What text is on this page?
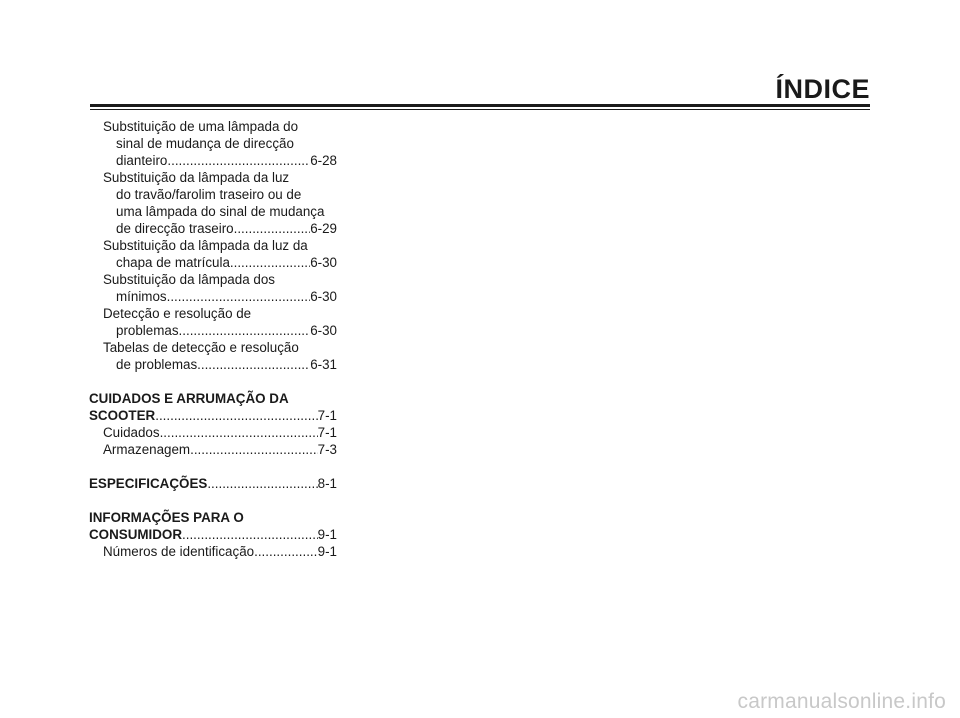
ÍNDICE
Substituição de uma lâmpada do
sinal de mudança de direcção
dianteiro .....	6-28
Substituição da lâmpada da luz
do travão/farolim traseiro ou de
uma lâmpada do sinal de mudança
de direcção traseiro .....	6-29
Substituição da lâmpada da luz da
chapa de matrícula .....	6-30
Substituição da lâmpada dos
mínimos .....	6-30
Detecção e resolução de
problemas .....	6-30
Tabelas de detecção e resolução
de problemas .....	6-31
CUIDADOS E ARRUMAÇÃO DA
SCOOTER .....	7-1
Cuidados .....	7-1
Armazenagem .....	7-3
ESPECIFICAÇÕES .....	8-1
INFORMAÇÕES PARA O
CONSUMIDOR .....	9-1
Números de identificação .....	9-1
carmanualsonline.info
